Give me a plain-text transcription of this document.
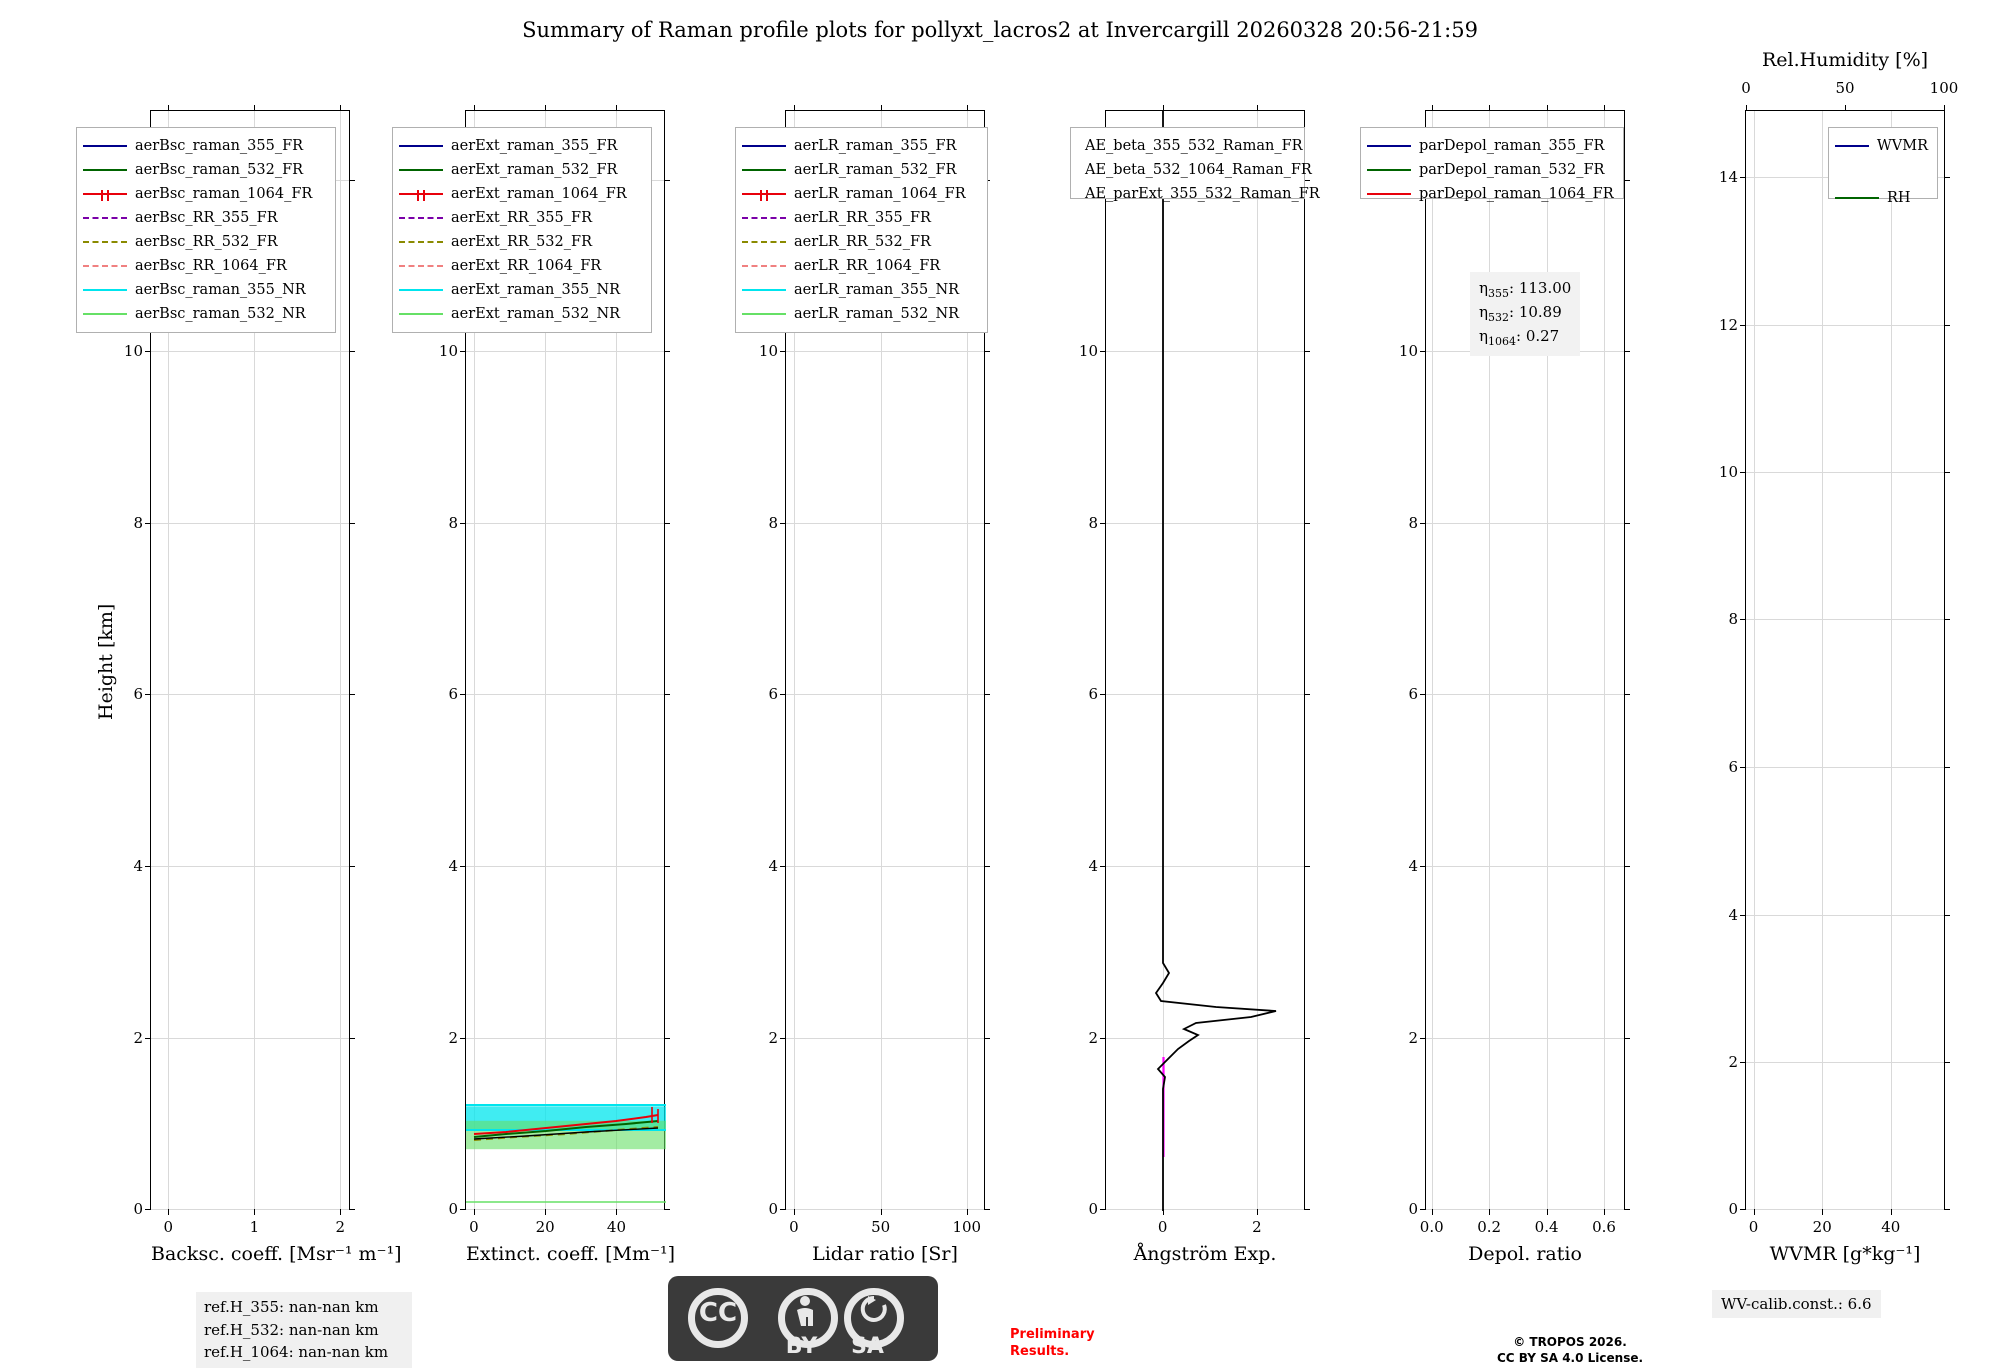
Summary of Raman profile plots for pollyxt_lacros2 at Invercargill 20260328 20:56-21:59
Height [km]
0
2
4
6
8
10
0	1	2
Backsc. coeff. [Msr⁻¹ m⁻¹]
aerBsc_raman_355_FR
aerBsc_raman_532_FR
aerBsc_raman_1064_FR
aerBsc_RR_355_FR
aerBsc_RR_532_FR
aerBsc_RR_1064_FR
aerBsc_raman_355_NR
aerBsc_raman_532_NR
0
2
4
6
8
10
0	20	40
Extinct. coeff. [Mm⁻¹]
aerExt_raman_355_FR
aerExt_raman_532_FR
aerExt_raman_1064_FR
aerExt_RR_355_FR
aerExt_RR_532_FR
aerExt_RR_1064_FR
aerExt_raman_355_NR
aerExt_raman_532_NR
0
2
4
6
8
10
0	50	100
Lidar ratio [Sr]
aerLR_raman_355_FR
aerLR_raman_532_FR
aerLR_raman_1064_FR
aerLR_RR_355_FR
aerLR_RR_532_FR
aerLR_RR_1064_FR
aerLR_raman_355_NR
aerLR_raman_532_NR
0
2
4
6
8
10
0	2
Ångström Exp.
AE_beta_355_532_Raman_FR
AE_beta_532_1064_Raman_FR
AE_parExt_355_532_Raman_FR
0
2
4
6
8
10
0.0 0.2 0.4 0.6
Depol. ratio
parDepol_raman_355_FR
parDepol_raman_532_FR
parDepol_raman_1064_FR
$\eta_{355}$: 113.00
$\eta_{532}$: 10.89
$\eta_{1064}$: 0.27
0
2
4
6
8
10
12
14
0	20	40
0	50	100
Rel.Humidity [%]
WVMR [g*kg⁻¹]
WVMR
RH
ref.H_355: nan-nan km
ref.H_532: nan-nan km
ref.H_1064: nan-nan km
CC
BY	SA	Preliminary
Results.
© TROPOS 2026.
CC BY SA 4.0 License.
WV-calib.const.: 6.6
